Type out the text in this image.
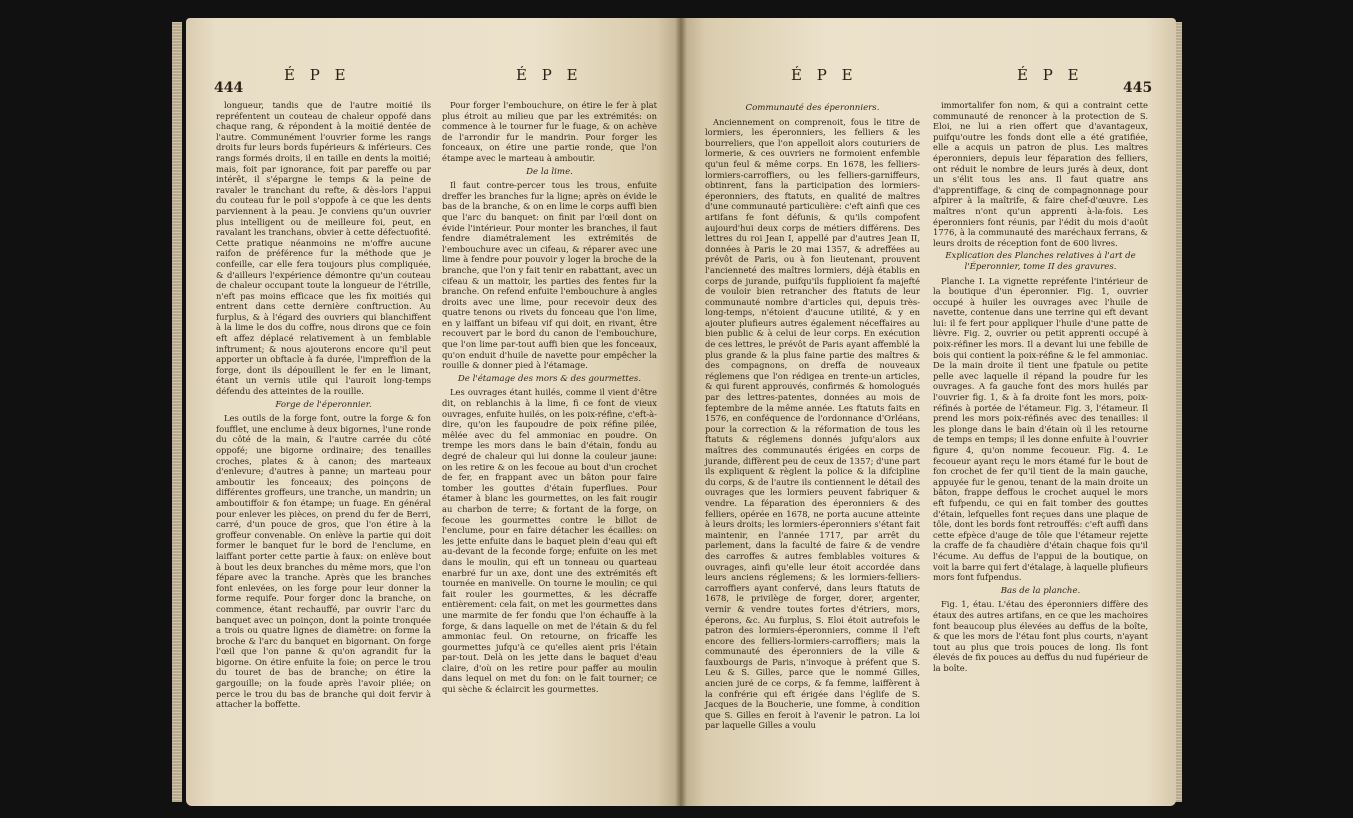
444
É P E	É P E

longueur, tandis que de l'autre moitié ils repréfentent un couteau de chaleur oppofé dans chaque rang, & répondent à la moitié dentée de l'autre. Communément l'ouvrier forme les rangs droits fur leurs bords fupérieurs & inférieurs. Ces rangs formés droits, il en taille en dents la moitié; mais, foit par ignorance, foit par pareffe ou par intérêt, il s'épargne le temps & la peine de ravaler le tranchant du refte, & dès-lors l'appui du couteau fur le poil s'oppofe à ce que les dents parviennent à la peau. Je conviens qu'un ouvrier plus intelligent ou de meilleure foi, peut, en ravalant les tranchans, obvier à cette défectuofité. Cette pratique néanmoins ne m'offre aucune raifon de préférence fur la méthode que je confeille, car elle fera toujours plus compliquée, & d'ailleurs l'expérience démontre qu'un couteau de chaleur occupant toute la longueur de l'étrille, n'eft pas moins efficace que les fix moitiés qui entrent dans cette dernière conftruction. Au furplus, & à l'égard des ouvriers qui blanchiffent à la lime le dos du coffre, nous dirons que ce foin eft affez déplacé relativement à un femblable inftrument; & nous ajouterons encore qu'il peut apporter un obftacle à fa durée, l'impreffion de la forge, dont ils dépouillent le fer en le limant, étant un vernis utile qui l'auroit long-temps défendu des atteintes de la rouille.

Forge de l'éperonnier.

Les outils de la forge font, outre la forge & fon foufflet, une enclume à deux bigornes, l'une ronde du côté de la main, & l'autre carrée du côté oppofé; une bigorne ordinaire; des tenailles croches, plates & à canon; des marteaux d'enlevure; d'autres à panne; un marteau pour amboutir les fonceaux; des poinçons de différentes groffeurs, une tranche, un mandrin; un amboutiffoir & fon étampe; un fuage. En général pour enlever les pièces, on prend du fer de Berri, carré, d'un pouce de gros, que l'on étire à la groffeur convenable. On enlève la partie qui doit former le banquet fur le bord de l'enclume, en laiffant porter cette partie à faux: on enlève bout à bout les deux branches du même mors, que l'on fépare avec la tranche. Après que les branches font enlevées, on les forge pour leur donner la forme requife. Pour forger donc la branche, on commence, étant rechauffé, par ouvrir l'arc du banquet avec un poinçon, dont la pointe tronquée a trois ou quatre lignes de diamètre: on forme la broche & l'arc du banquet en bigornant. On forge l'œil que l'on panne & qu'on agrandit fur la bigorne. On étire enfuite la foie; on perce le trou du touret de bas de branche; on étire la gargouille; on la foude après l'avoir pliée; on perce le trou du bas de branche qui doit fervir à attacher la boffette.

Pour forger l'embouchure, on étire le fer à plat plus étroit au milieu que par les extrémités: on commence à le tourner fur le fuage, & on achève de l'arrondir fur le mandrin. Pour forger les fonceaux, on étire une partie ronde, que l'on étampe avec le marteau à amboutir.

De la lime.

Il faut contre-percer tous les trous, enfuite dreffer les branches fur la ligne; après on évide le bas de la branche, & on en lime le corps auffi bien que l'arc du banquet: on finit par l'œil dont on évide l'intérieur. Pour monter les branches, il faut fendre diamétralement les extrémités de l'embouchure avec un cifeau, & réparer avec une lime à fendre pour pouvoir y loger la broche de la branche, que l'on y fait tenir en rabattant, avec un cifeau & un mattoir, les parties des fentes fur la branche. On refend enfuite l'embouchure à angles droits avec une lime, pour recevoir deux des quatre tenons ou rivets du fonceau que l'on lime, en y laiffant un bifeau vif qui doit, en rivant, être recouvert par le bord du canon de l'embouchure, que l'on lime par-tout auffi bien que les fonceaux, qu'on enduit d'huile de navette pour empêcher la rouille & donner pied à l'étamage.

De l'étamage des mors & des gourmettes.

Les ouvrages étant huilés, comme il vient d'être dit, on reblanchis à la lime, fi ce font de vieux ouvrages, enfuite huilés, on les poix-réfine, c'eft-à-dire, qu'on les faupoudre de poix réfine pilée, mêlée avec du fel ammoniac en poudre. On trempe les mors dans le bain d'étain, fondu au degré de chaleur qui lui donne la couleur jaune: on les retire & on les fecoue au bout d'un crochet de fer, en frappant avec un bâton pour faire tomber les gouttes d'étain fuperflues. Pour étamer à blanc les gourmettes, on les fait rougir au charbon de terre; & fortant de la forge, on fecoue les gourmettes contre le billot de l'enclume, pour en faire détacher les écailles: on les jette enfuite dans le baquet plein d'eau qui eft au-devant de la feconde forge; enfuite on les met dans le moulin, qui eft un tonneau ou quarteau enarbré fur un axe, dont une des extrémités eft tournée en manivelle. On tourne le moulin; ce qui fait rouler les gourmettes, & les décraffe entièrement: cela fait, on met les gourmettes dans une marmite de fer fondu que l'on échauffe à la forge, & dans laquelle on met de l'étain & du fel ammoniac feul. On retourne, on fricaffe les gourmettes jufqu'à ce qu'elles aient pris l'étain par-tout. Delà on les jette dans le baquet d'eau claire, d'où on les retire pour paffer au moulin dans lequel on met du fon: on le fait tourner; ce qui sèche & éclaircit les gourmettes.

É P E	É P E
445

Communauté des éperonniers.

Anciennement on comprenoit, fous le titre de lormiers, les éperonniers, les felliers & les bourreliers, que l'on appelloit alors couturiers de lormerie, & ces ouvriers ne formoient enfemble qu'un feul & même corps. En 1678, les felliers-lormiers-carroffiers, ou les felliers-garniffeurs, obtinrent, fans la participation des lormiers-éperonniers, des ftatuts, en qualité de maîtres d'une communauté particulière: c'eft ainfi que ces artifans fe font défunis, & qu'ils compofent aujourd'hui deux corps de métiers différens. Des lettres du roi Jean I, appellé par d'autres Jean II, données à Paris le 20 mai 1357, & adreffées au prévôt de Paris, ou à fon lieutenant, prouvent l'ancienneté des maîtres lormiers, déjà établis en corps de jurande, puifqu'ils fupplioient fa majefté de vouloir bien retrancher des ftatuts de leur communauté nombre d'articles qui, depuis très-long-temps, n'étoient d'aucune utilité, & y en ajouter plufieurs autres également néceffaires au bien public & à celui de leur corps. En exécution de ces lettres, le prévôt de Paris ayant affemblé la plus grande & la plus faine partie des maîtres & des compagnons, on dreffa de nouveaux réglemens que l'on rédigea en trente-un articles, & qui furent approuvés, confirmés & homologués par des lettres-patentes, données au mois de feptembre de la même année. Les ftatuts faits en 1576, en conféquence de l'ordonnance d'Orléans, pour la correction & la réformation de tous les ftatuts & réglemens donnés jufqu'alors aux maîtres des communautés érigées en corps de jurande, diffèrent peu de ceux de 1357; d'une part ils expliquent & règlent la police & la difcipline du corps, & de l'autre ils contiennent le détail des ouvrages que les lormiers peuvent fabriquer & vendre. La féparation des éperonniers & des felliers, opérée en 1678, ne porta aucune atteinte à leurs droits; les lormiers-éperonniers s'étant fait maintenir, en l'année 1717, par arrêt du parlement, dans la faculté de faire & de vendre des carroffes & autres femblables voitures & ouvrages, ainfi qu'elle leur étoit accordée dans leurs anciens réglemens; & les lormiers-felliers-carroffiers ayant confervé, dans leurs ftatuts de 1678, le privilège de forger, dorer, argenter, vernir & vendre toutes fortes d'étriers, mors, éperons, &c. Au furplus, S. Eloi étoit autrefois le patron des lormiers-éperonniers, comme il l'eft encore des felliers-lormiers-carroffiers; mais la communauté des éperonniers de la ville & fauxbourgs de Paris, n'invoque à préfent que S. Leu & S. Gilles, parce que le nommé Gilles, ancien juré de ce corps, & fa femme, laiffèrent à la confrérie qui eft érigée dans l'églife de S. Jacques de la Boucherie, une fomme, à condition que S. Gilles en feroit à l'avenir le patron. La loi par laquelle Gilles a voulu

immortalifer fon nom, & qui a contraint cette communauté de renoncer à la protection de S. Eloi, ne lui a rien offert que d'avantageux, puifqu'outre les fonds dont elle a été gratifiée, elle a acquis un patron de plus. Les maîtres éperonniers, depuis leur féparation des felliers, ont réduit le nombre de leurs jurés à deux, dont un s'élit tous les ans. Il faut quatre ans d'apprentiffage, & cinq de compagnonnage pour afpirer à la maîtrife, & faire chef-d'œuvre. Les maîtres n'ont qu'un apprenti à-la-fois. Les éperonniers font réunis, par l'édit du mois d'août 1776, à la communauté des maréchaux ferrans, & leurs droits de réception font de 600 livres.

Explication des Planches relatives à l'art de l'Éperonnier, tome II des gravures.

Planche I. La vignette repréfente l'intérieur de la boutique d'un éperonnier. Fig. 1, ouvrier occupé à huiler les ouvrages avec l'huile de navette, contenue dans une terrine qui eft devant lui: il fe fert pour appliquer l'huile d'une patte de lièvre. Fig. 2, ouvrier ou petit apprenti occupé à poix-réfiner les mors. Il a devant lui une febille de bois qui contient la poix-réfine & le fel ammoniac. De la main droite il tient une fpatule ou petite pelle avec laquelle il répand la poudre fur les ouvrages. A fa gauche font des mors huilés par l'ouvrier fig. 1, & à fa droite font les mors, poix-réfinés à portée de l'étameur. Fig. 3, l'étameur. Il prend les mors poix-réfinés avec des tenailles: il les plonge dans le bain d'étain où il les retourne de temps en temps; il les donne enfuite à l'ouvrier figure 4, qu'on nomme fecoueur. Fig. 4. Le fecoueur ayant reçu le mors étamé fur le bout de fon crochet de fer qu'il tient de la main gauche, appuyée fur le genou, tenant de la main droite un bâton, frappe deffous le crochet auquel le mors eft fufpendu, ce qui en fait tomber des gouttes d'étain, lefquelles font reçues dans une plaque de tôle, dont les bords font retrouffés: c'eft auffi dans cette efpèce d'auge de tôle que l'étameur rejette la craffe de fa chaudière d'étain chaque fois qu'il l'écume. Au deffus de l'appui de la boutique, on voit la barre qui fert d'étalage, à laquelle plufieurs mors font fufpendus.

Bas de la planche.

Fig. 1, étau. L'étau des éperonniers diffère des étaux des autres artifans, en ce que les machoires font beaucoup plus élevées au deffus de la boîte, & que les mors de l'étau font plus courts, n'ayant tout au plus que trois pouces de long. Ils font élevés de fix pouces au deffus du nud fupérieur de la boîte.
